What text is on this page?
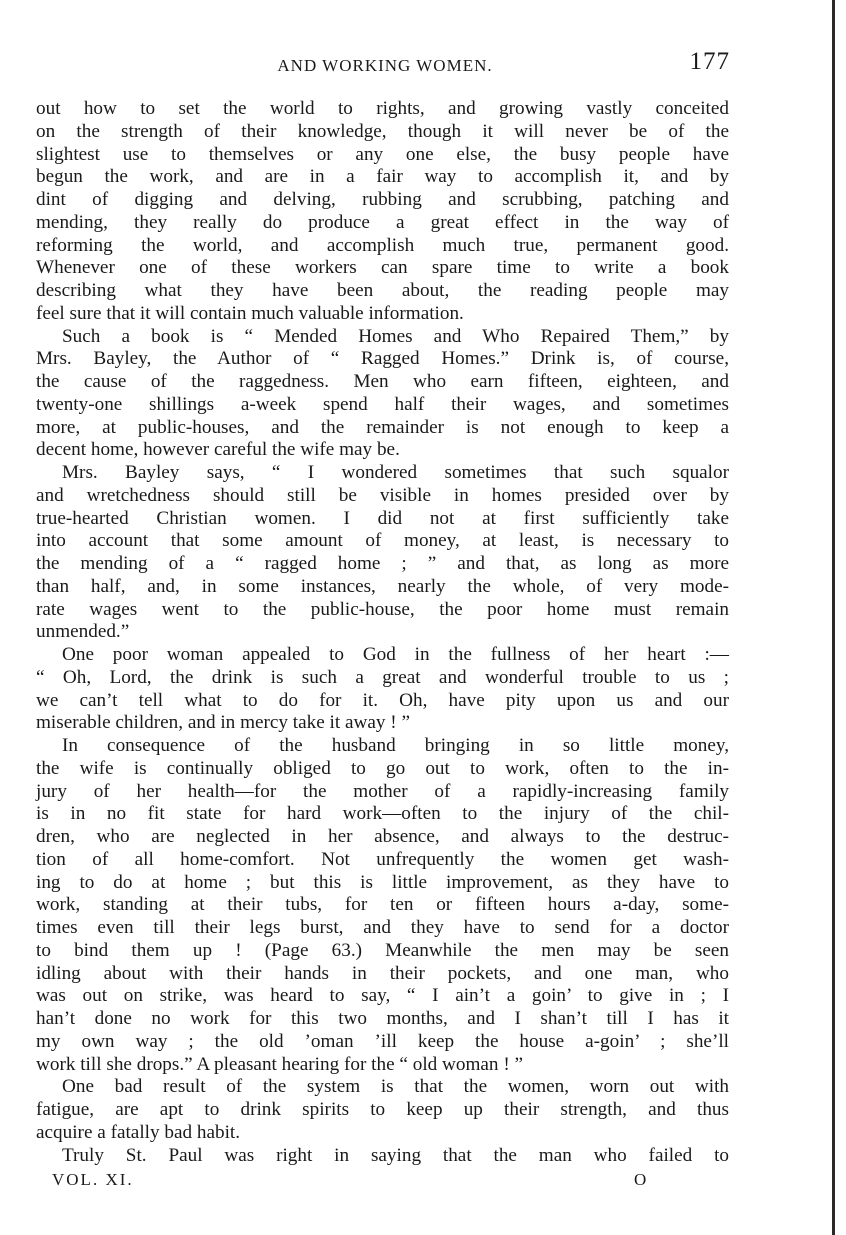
AND WORKING WOMEN.	177
out how to set the world to rights, and growing vastly conceited
on the strength of their knowledge, though it will never be of the
slightest use to themselves or any one else, the busy people have
begun the work, and are in a fair way to accomplish it, and by
dint of digging and delving, rubbing and scrubbing, patching and
mending, they really do produce a great effect in the way of
reforming the world, and accomplish much true, permanent good.
Whenever one of these workers can spare time to write a book
describing what they have been about, the reading people may
feel sure that it will contain much valuable information.
Such a book is “ Mended Homes and Who Repaired Them,” by
Mrs. Bayley, the Author of “ Ragged Homes.” Drink is, of course,
the cause of the raggedness. Men who earn fifteen, eighteen, and
twenty-one shillings a-week spend half their wages, and sometimes
more, at public-houses, and the remainder is not enough to keep a
decent home, however careful the wife may be.
Mrs. Bayley says, “ I wondered sometimes that such squalor
and wretchedness should still be visible in homes presided over by
true-hearted Christian women. I did not at first sufficiently take
into account that some amount of money, at least, is necessary to
the mending of a “ ragged home ; ” and that, as long as more
than half, and, in some instances, nearly the whole, of very mode-
rate wages went to the public-house, the poor home must remain
unmended.”
One poor woman appealed to God in the fullness of her heart :—
“ Oh, Lord, the drink is such a great and wonderful trouble to us ;
we can’t tell what to do for it. Oh, have pity upon us and our
miserable children, and in mercy take it away ! ”
In consequence of the husband bringing in so little money,
the wife is continually obliged to go out to work, often to the in-
jury of her health—for the mother of a rapidly-increasing family
is in no fit state for hard work—often to the injury of the chil-
dren, who are neglected in her absence, and always to the destruc-
tion of all home-comfort. Not unfrequently the women get wash-
ing to do at home ; but this is little improvement, as they have to
work, standing at their tubs, for ten or fifteen hours a-day, some-
times even till their legs burst, and they have to send for a doctor
to bind them up ! (Page 63.) Meanwhile the men may be seen
idling about with their hands in their pockets, and one man, who
was out on strike, was heard to say, “ I ain’t a goin’ to give in ; I
han’t done no work for this two months, and I shan’t till I has it
my own way ; the old ’oman ’ill keep the house a-goin’ ; she’ll
work till she drops.” A pleasant hearing for the “ old woman ! ”
One bad result of the system is that the women, worn out with
fatigue, are apt to drink spirits to keep up their strength, and thus
acquire a fatally bad habit.
Truly St. Paul was right in saying that the man who failed to
VOL. XI.	O
